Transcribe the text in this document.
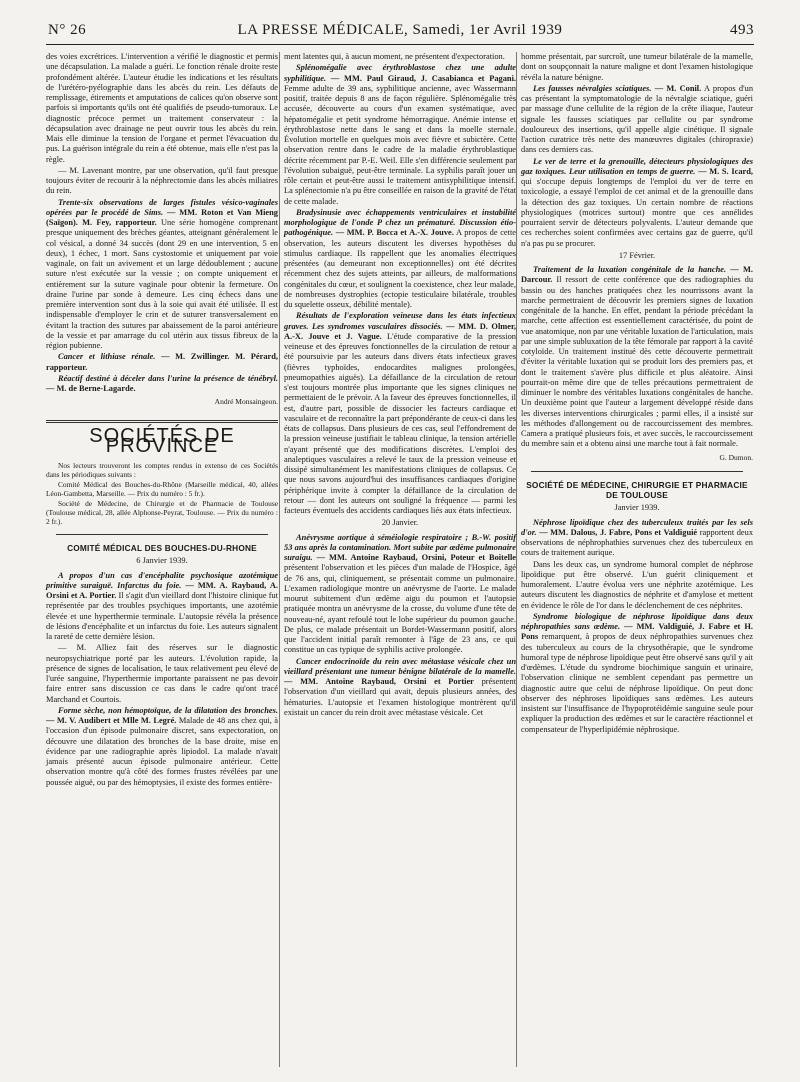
N° 26	LA PRESSE MÉDICALE, Samedi, 1er Avril 1939	493

des voies excrétrices. L'intervention a vérifié le diagnostic et permis une décapsulation. La malade a guéri. Le fonction rénale droite reste profondément altérée. L'auteur étudie les indications et les résultats de l'urétéro-pyélographie dans les abcès du rein. Les défauts de remplissage, étirements et amputations de calices qu'on observe sont parfois si importants qu'ils ont été qualifiés de pseudo-tumoraux. Le diagnostic précoce permet un traitement conservateur : la décapsulation avec drainage ne peut ouvrir tous les abcès du rein. Mais elle diminue la tension de l'organe et permet l'évacuation du pus. La guérison intégrale du rein a été obtenue, mais elle n'est pas la règle.

— M. Lavenant montre, par une observation, qu'il faut presque toujours éviter de recourir à la néphrectomie dans les abcès miliaires du rein.

Trente-six observations de larges fistules vésico-vaginales opérées par le procédé de Sims. — MM. Roton et Van Mieng (Saïgon). M. Fey, rapporteur. Une série homogène comprenant presque uniquement des brèches géantes, atteignant généralement le col vésical, a donné 34 succès (dont 29 en une intervention, 5 en deux), 1 échec, 1 mort. Sans cystostomie et uniquement par voie vaginale, on fait un avivement et un large dédoublement ; aucune suture n'est exécutée sur la vessie ; on compte uniquement et entièrement sur la suture vaginale pour obtenir la fermeture. On draine l'urine par sonde à demeure. Les cinq échecs dans une première intervention sont dus à la soie qui avait été utilisée. Il est indispensable d'employer le crin et de suturer transversalement en évitant la traction des sutures par abaissement de la paroi antérieure de la vessie et par amarrage du col utérin aux tissus fibreux de la région pubienne.

Cancer et lithiase rénale. — M. Zwillinger. M. Pérard, rapporteur.

Réactif destiné à déceler dans l'urine la présence de ténébryl. — M. de Berne-Lagarde.

André Monsaingeon.
SOCIÉTÉS DE PROVINCE

Nos lecteurs trouveront les comptes rendus in extenso de ces Sociétés dans les périodiques suivants :

Comité Médical des Bouches-du-Rhône (Marseille médical, 40, allées Léon-Gambetta, Marseille. — Prix du numéro : 5 fr.).

Société de Médecine, de Chirurgie et de Pharmacie de Toulouse (Toulouse médical, 28, allée Alphonse-Peyrat, Toulouse. — Prix du numéro : 2 fr.).

COMITÉ MÉDICAL DES BOUCHES-DU-RHONE
6 Janvier 1939.

A propos d'un cas d'encéphalite psychosique azotémique primitive suraiguë. Infarctus du foie. — MM. A. Raybaud, A. Orsini et A. Portier. Il s'agit d'un vieillard dont l'histoire clinique fut représentée par des troubles psychiques importants, une azotémie élevée et une hyperthermie terminale. L'autopsie révéla la présence de lésions d'encéphalite et un infarctus du foie. Les auteurs signalent la rareté de cette dernière lésion.

— M. Alliez fait des réserves sur le diagnostic neuropsychiatrique porté par les auteurs. L'évolution rapide, la présence de signes de localisation, le taux relativement peu élevé de l'urée sanguine, l'hyperthermie importante paraissent ne pas devoir faire entrer sans discussion ce cas dans le cadre qu'ont tracé Marchand et Courtois.

Forme sèche, non hémoptoïque, de la dilatation des bronches. — M. V. Audibert et Mlle M. Legré. Malade de 48 ans chez qui, à l'occasion d'un épisode pulmonaire discret, sans expectoration, on découvre une dilatation des bronches de la base droite, mise en évidence par une radiographie après lipiodol. La malade n'avait jamais présenté aucun épisode pulmonaire antérieur. Cette observation montre qu'à côté des formes frustes révélées par une poussée aiguë, ou par des hémoptysies, il existe des formes entière-

ment latentes qui, à aucun moment, ne présentent d'expectoration.

Splénomégalie avec érythroblastose chez une adulte syphilitique. — MM. Paul Giraud, J. Casabianca et Pagani. Femme adulte de 39 ans, syphilitique ancienne, avec Wassermann positif, traitée depuis 8 ans de façon régulière. Splénomégalie très accusée, découverte au cours d'un examen systématique, avec hépatomégalie et petit syndrome hémorragique. Anémie intense et érythroblastose nette dans le sang et dans la moelle sternale. Évolution mortelle en quelques mois avec fièvre et subictère. Cette observation rentre dans le cadre de la maladie érythroblastique décrite récemment par P.-E. Weil. Elle s'en différencie seulement par l'évolution subaiguë, peut-être terminale. La syphilis paraît jouer un rôle certain et peut-être aussi le traitement antisyphilitique intensif. La splénectomie n'a pu être conseillée en raison de la gravité de l'état de cette malade.

Bradysinusie avec échappements ventriculaires et instabilité morphologique de l'onde P chez un prématuré. Discussion étio-pathogénique. — MM. P. Bocca et A.-X. Jouve. A propos de cette observation, les auteurs discutent les diverses hypothèses du stimulus cardiaque. Ils rappellent que les anomalies électriques présentées (au demeurant non exceptionnelles) ont été décrites récemment chez des sujets atteints, par ailleurs, de malformations congénitales du cœur, et soulignent la coexistence, chez leur malade, de nombreuses dystrophies (ectopie testiculaire bilatérale, troubles du squelette osseux, débilité mentale).

Résultats de l'exploration veineuse dans les états infectieux graves. Les syndromes vasculaires dissociés. — MM. D. Olmer, A.-X. Jouve et J. Vague. L'étude comparative de la pression veineuse et des épreuves fonctionnelles de la circulation de retour a été poursuivie par les auteurs dans divers états infectieux graves (fièvres typhoïdes, endocardites malignes prolongées, pneumopathies aiguës). La défaillance de la circulation de retour s'est toujours montrée plus importante que les signes cliniques ne permettaient de le prévoir. A la faveur des épreuves fonctionnelles, il est, d'autre part, possible de dissocier les facteurs cardiaque et vasculaire et de reconnaître la part prépondérante de ceux-ci dans les états de collapsus. Dans plusieurs de ces cas, seul l'effondrement de la pression veineuse justifiait le tableau clinique, la tension artérielle n'ayant présenté que des modifications discrètes. L'emploi des analeptiques vasculaires a relevé le taux de la pression veineuse et dissipé simultanément les manifestations cliniques de collapsus. Ce que nous savons aujourd'hui des insuffisances cardiaques d'origine périphérique invite à compter la défaillance de la circulation de retour — dont les auteurs ont souligné la fréquence — parmi les facteurs éventuels des accidents cardiaques liés aux états infectieux.

20 Janvier.

Anévrysme aortique à séméiologie respiratoire ; B.-W. positif 53 ans après la contamination. Mort subite par œdème pulmonaire suraigu. — MM. Antoine Raybaud, Orsini, Poteur et Boitelle présentent l'observation et les pièces d'un malade de l'Hospice, âgé de 76 ans, qui, cliniquement, se présentait comme un pulmonaire. L'examen radiologique montre un anévrysme de l'aorte. Le malade mourut subitement d'un œdème aigu du poumon et l'autopsie pratiquée montra un anévrysme de la crosse, du volume d'une tête de nouveau-né, ayant refoulé tout le lobe supérieur du poumon gauche. De plus, ce malade présentait un Bordet-Wassermann positif, alors que l'accident initial paraît remonter à l'âge de 23 ans, ce qui constitue un cas typique de syphilis active prolongée.

Cancer endocrinoïde du rein avec métastase vésicale chez un vieillard présentant une tumeur bénigne bilatérale de la mamelle. — MM. Antoine Raybaud, Orsini et Portier présentent l'observation d'un vieillard qui avait, depuis plusieurs années, des hématuries. L'autopsie et l'examen histologique montrèrent qu'il existait un cancer du rein droit avec métastase vésicale. Cet

homme présentait, par surcroît, une tumeur bilatérale de la mamelle, dont on soupçonnait la nature maligne et dont l'examen histologique révéla la nature bénigne.

Les fausses névralgies sciatiques. — M. Conil. A propos d'un cas présentant la symptomatologie de la névralgie sciatique, guéri par massage d'une cellulite de la région de la crête iliaque, l'auteur signale les fausses sciatiques par cellulite ou par syndrome douloureux des insertions, qu'il appelle algie cinétique. Il signale l'action curatrice très nette des manœuvres digitales (chiropraxie) dans ces derniers cas.

Le ver de terre et la grenouille, détecteurs physiologiques des gaz toxiques. Leur utilisation en temps de guerre. — M. S. Icard, qui s'occupe depuis longtemps de l'emploi du ver de terre en toxicologie, a essayé l'emploi de cet animal et de la grenouille dans la détection des gaz toxiques. Un certain nombre de réactions physiologiques (motrices surtout) montre que ces annélides pourraient servir de détecteurs polyvalents. L'auteur demande que ces recherches soient confirmées avec certains gaz de guerre, qu'il n'a pas pu se procurer.

17 Février.

Traitement de la luxation congénitale de la hanche. — M. Darcour. Il ressort de cette conférence que des radiographies du bassin ou des hanches pratiquées chez les nourrissons avant la marche permettraient de découvrir les premiers signes de luxation congénitale de la hanche. En effet, pendant la période précédant la marche, cette affection est essentiellement caractérisée, du point de vue anatomique, non par une véritable luxation de l'articulation, mais par une simple subluxation de la tête fémorale par rapport à la cavité cotyloïde. Un traitement institué dès cette découverte permettrait d'éviter la véritable luxation qui se produit lors des premiers pas, et dont le traitement s'avère plus difficile et plus aléatoire. Ainsi pourrait-on même dire que de telles précautions permettraient de diminuer le nombre des véritables luxations congénitales de hanche. Un deuxième point que l'auteur a largement développé réside dans les diverses interventions chirurgicales ; parmi elles, il a insisté sur les méthodes d'allongement ou de raccourcissement des membres. Camera a pratiqué plusieurs fois, et avec succès, le raccourcissement du membre sain et a obtenu ainsi une marche tout à fait normale.

G. Dumon.
SOCIÉTÉ DE MÉDECINE, CHIRURGIE ET PHARMACIE DE TOULOUSE
Janvier 1939.

Néphrose lipoïdique chez des tuberculeux traités par les sels d'or. — MM. Dalous, J. Fabre, Pons et Valdiguié rapportent deux observations de néphrophathies survenues chez des tuberculeux en cours de traitement aurique.

Dans les deux cas, un syndrome humoral complet de néphrose lipoïdique put être observé. L'un guérit cliniquement et humoralement. L'autre évolua vers une néphrite azotémique. Les auteurs discutent les diagnostics de néphrite et d'amylose et mettent en évidence le rôle de l'or dans le déclenchement de ces néphrites.

Syndrome biologique de néphrose lipoïdique dans deux néphropathies sans œdème. — MM. Valdiguié, J. Fabre et H. Pons remarquent, à propos de deux néphropathies survenues chez des tuberculeux au cours de la chrysothérapie, que le syndrome humoral type de néphrose lipoïdique peut être observé sans qu'il y ait d'œdèmes. L'étude du syndrome biochimique sanguin et urinaire, l'observation clinique ne semblent cependant pas permettre un diagnostic autre que celui de néphrose lipoïdique. On peut donc observer des néphroses lipoïdiques sans œdèmes. Les auteurs insistent sur l'insuffisance de l'hypoprotéidémie sanguine seule pour expliquer la production des œdèmes et sur le caractère réactionnel et compensateur de l'hyperlipidémie néphrosique.
